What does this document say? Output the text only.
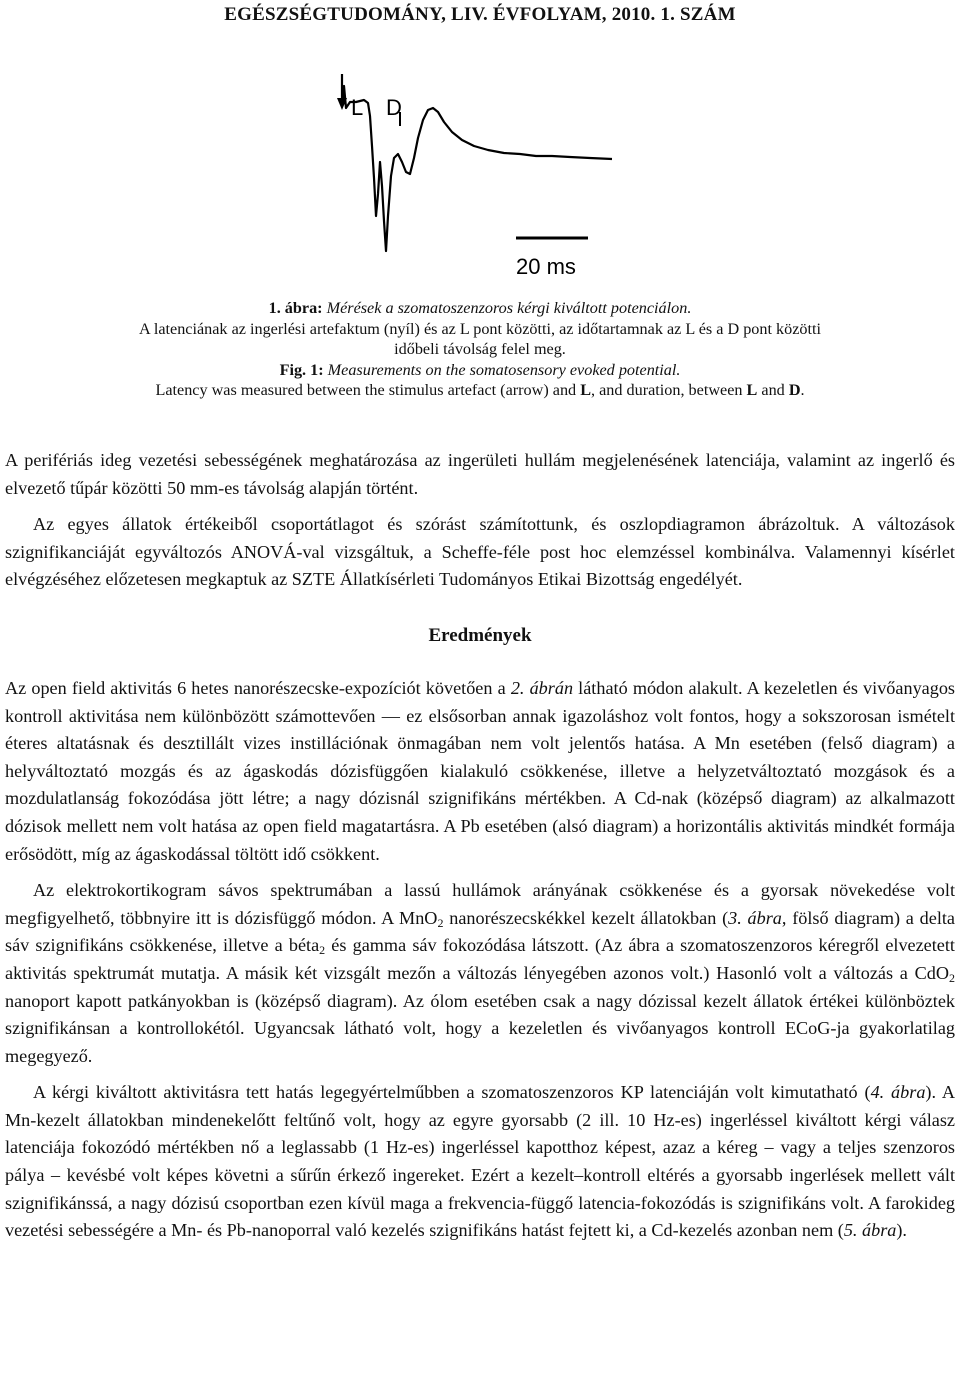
EGÉSZSÉGTUDOMÁNY, LIV. ÉVFOLYAM, 2010. 1. SZÁM
L D
20 ms
1. ábra: Mérések a szomatoszenzoros kérgi kiváltott potenciálon.
A latenciának az ingerlési artefaktum (nyíl) és az L pont közötti, az időtartamnak az L és a D pont közötti időbeli távolság felel meg.
Fig. 1: Measurements on the somatosensory evoked potential.
Latency was measured between the stimulus artefact (arrow) and L, and duration, between L and D.

A perifériás ideg vezetési sebességének meghatározása az ingerületi hullám megjelenésének latenciája, valamint az ingerlő és elvezető tűpár közötti 50 mm-es távolság alapján történt.

Az egyes állatok értékeiből csoportátlagot és szórást számítottunk, és oszlopdiagramon ábrázoltuk. A változások szignifikanciáját egyváltozós ANOVÁ-val vizsgáltuk, a Scheffe-féle post hoc elemzéssel kombinálva. Valamennyi kísérlet elvégzéséhez előzetesen megkaptuk az SZTE Állatkísérleti Tudományos Etikai Bizottság engedélyét.

Eredmények

Az open field aktivitás 6 hetes nanorészecske-expozíciót követően a 2. ábrán látható módon alakult. A kezeletlen és vivőanyagos kontroll aktivitása nem különbözött számottevően ― ez elsősorban annak igazoláshoz volt fontos, hogy a sokszorosan ismételt éteres altatásnak és desztillált vizes instillációnak önmagában nem volt jelentős hatása. A Mn esetében (felső diagram) a helyváltoztató mozgás és az ágaskodás dózisfüggően kialakuló csökkenése, illetve a helyzetváltoztató mozgások és a mozdulatlanság fokozódása jött létre; a nagy dózisnál szignifikáns mértékben. A Cd-nak (középső diagram) az alkalmazott dózisok mellett nem volt hatása az open field magatartásra. A Pb esetében (alsó diagram) a horizontális aktivitás mindkét formája erősödött, míg az ágaskodással töltött idő csökkent.

Az elektrokortikogram sávos spektrumában a lassú hullámok arányának csökkenése és a gyorsak növekedése volt megfigyelhető, többnyire itt is dózisfüggő módon. A MnO$_2$ nanorészecskékkel kezelt állatokban (3. ábra, fölső diagram) a delta sáv szignifikáns csökkenése, illetve a béta$_2$ és gamma sáv fokozódása látszott. (Az ábra a szomatoszenzoros kéregről elvezetett aktivitás spektrumát mutatja. A másik két vizsgált mezőn a változás lényegében azonos volt.) Hasonló volt a változás a CdO$_2$ nanoport kapott patkányokban is (középső diagram). Az ólom esetében csak a nagy dózissal kezelt állatok értékei különböztek szignifikánsan a kontrollokétól. Ugyancsak látható volt, hogy a kezeletlen és vivőanyagos kontroll ECoG-ja gyakorlatilag megegyező.

A kérgi kiváltott aktivitásra tett hatás legegyértelműbben a szomatoszenzoros KP latenciáján volt kimutatható (4. ábra). A Mn-kezelt állatokban mindenekelőtt feltűnő volt, hogy az egyre gyorsabb (2 ill. 10 Hz-es) ingerléssel kiváltott kérgi válasz latenciája fokozódó mértékben nő a leglassabb (1 Hz-es) ingerléssel kapotthoz képest, azaz a kéreg – vagy a teljes szenzoros pálya – kevésbé volt képes követni a sűrűn érkező ingereket. Ezért a kezelt–kontroll eltérés a gyorsabb ingerlések mellett vált szignifikánssá, a nagy dózisú csoportban ezen kívül maga a frekvencia-függő latencia-fokozódás is szignifikáns volt. A farokideg vezetési sebességére a Mn- és Pb-nanoporral való kezelés szignifikáns hatást fejtett ki, a Cd-kezelés azonban nem (5. ábra).
